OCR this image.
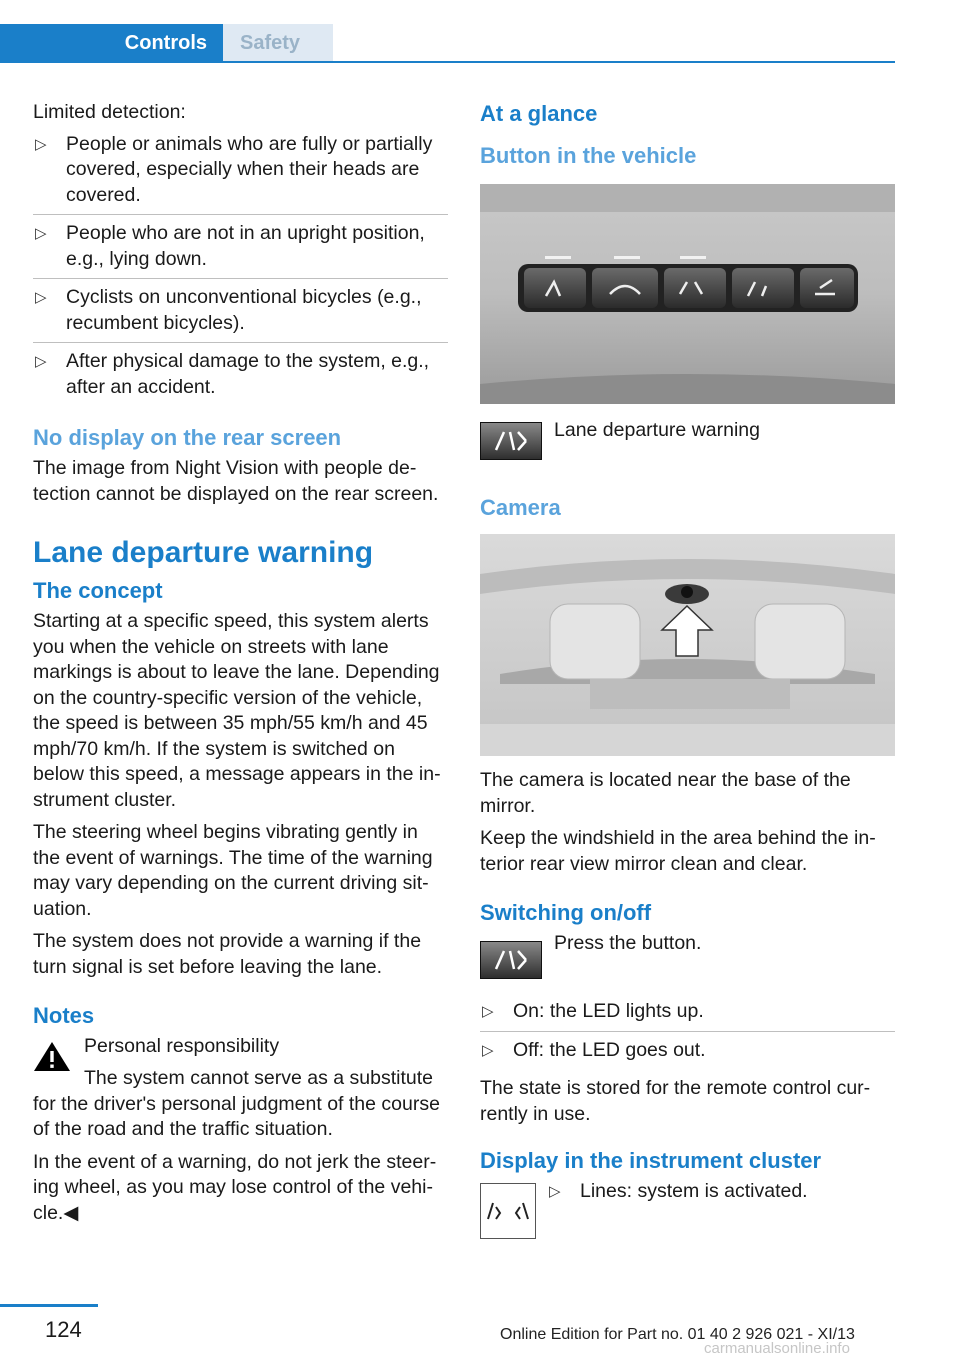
Controls Safety

Limited detection:

▷ People or animals who are fully or partially covered, especially when their heads are covered.
▷ People who are not in an upright position, e.g., lying down.
▷ Cyclists on unconventional bicycles (e.g., recumbent bicycles).
▷ After physical damage to the system, e.g., after an accident.
No display on the rear screen

The image from Night Vision with people de-tection cannot be displayed on the rear screen.

Lane departure warning
The concept

Starting at a specific speed, this system alerts you when the vehicle on streets with lane markings is about to leave the lane. Depending on the country-specific version of the vehicle, the speed is between 35 mph/55 km/h and 45 mph/70 km/h. If the system is switched on below this speed, a message appears in the in-strument cluster.

The steering wheel begins vibrating gently in the event of warnings. The time of the warning may vary depending on the current driving sit-uation.

The system does not provide a warning if the turn signal is set before leaving the lane.

Notes
Personal responsibility

The system cannot serve as a substitute for the driver's personal judgment of the course of the road and the traffic situation.

In the event of a warning, do not jerk the steer-ing wheel, as you may lose control of the vehi-cle.◀

At a glance
Button in the vehicle
Lane departure warning
Camera

The camera is located near the base of the mirror.

Keep the windshield in the area behind the in-terior rear view mirror clean and clear.

Switching on/off
Press the button.
▷ On: the LED lights up.
▷ Off: the LED goes out.

The state is stored for the remote control cur-rently in use.

Display in the instrument cluster
▷ Lines: system is activated.
124	Online Edition for Part no. 01 40 2 926 021 - XI/13
carmanualsonline.info
